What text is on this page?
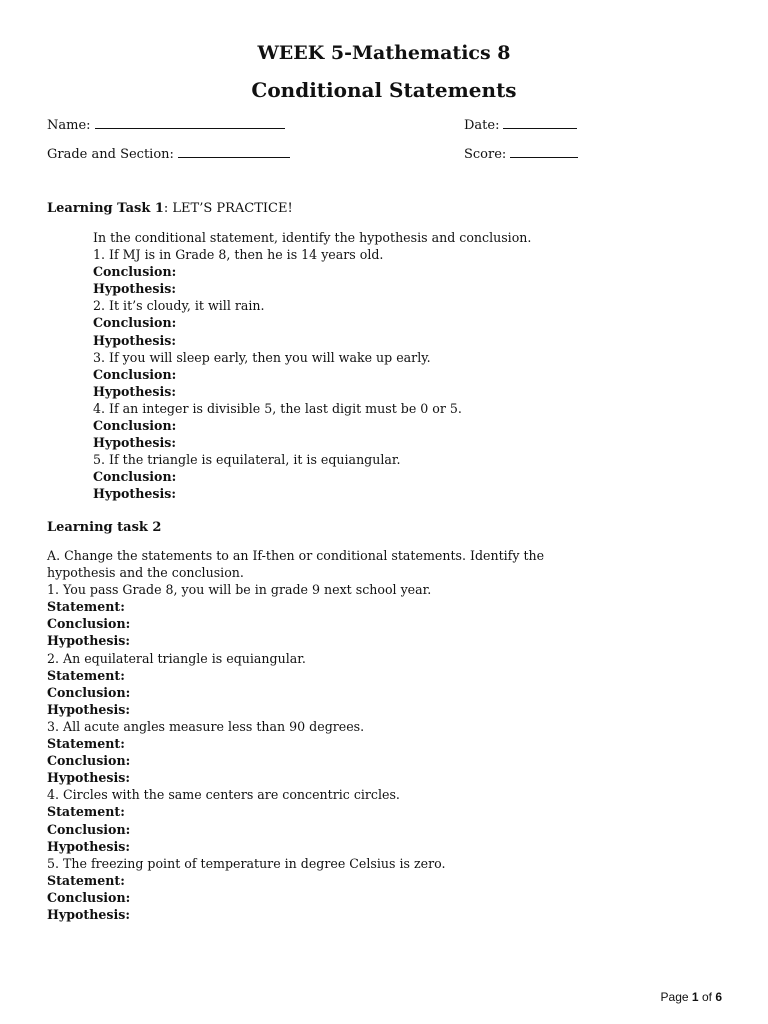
WEEK 5-Mathematics 8
Conditional Statements
Name:	Date:
Grade and Section:	Score:
Learning Task 1: LET’S PRACTICE!
In the conditional statement, identify the hypothesis and conclusion.
1. If MJ is in Grade 8, then he is 14 years old.
Conclusion:
Hypothesis:
2. It it’s cloudy, it will rain.
Conclusion:
Hypothesis:
3. If you will sleep early, then you will wake up early.
Conclusion:
Hypothesis:
4. If an integer is divisible 5, the last digit must be 0 or 5.
Conclusion:
Hypothesis:
5. If the triangle is equilateral, it is equiangular.
Conclusion:
Hypothesis:
Learning task 2
A. Change the statements to an If-then or conditional statements. Identify the
hypothesis and the conclusion.
1. You pass Grade 8, you will be in grade 9 next school year.
Statement:
Conclusion:
Hypothesis:
2. An equilateral triangle is equiangular.
Statement:
Conclusion:
Hypothesis:
3. All acute angles measure less than 90 degrees.
Statement:
Conclusion:
Hypothesis:
4. Circles with the same centers are concentric circles.
Statement:
Conclusion:
Hypothesis:
5. The freezing point of temperature in degree Celsius is zero.
Statement:
Conclusion:
Hypothesis:
Page 1 of 6
